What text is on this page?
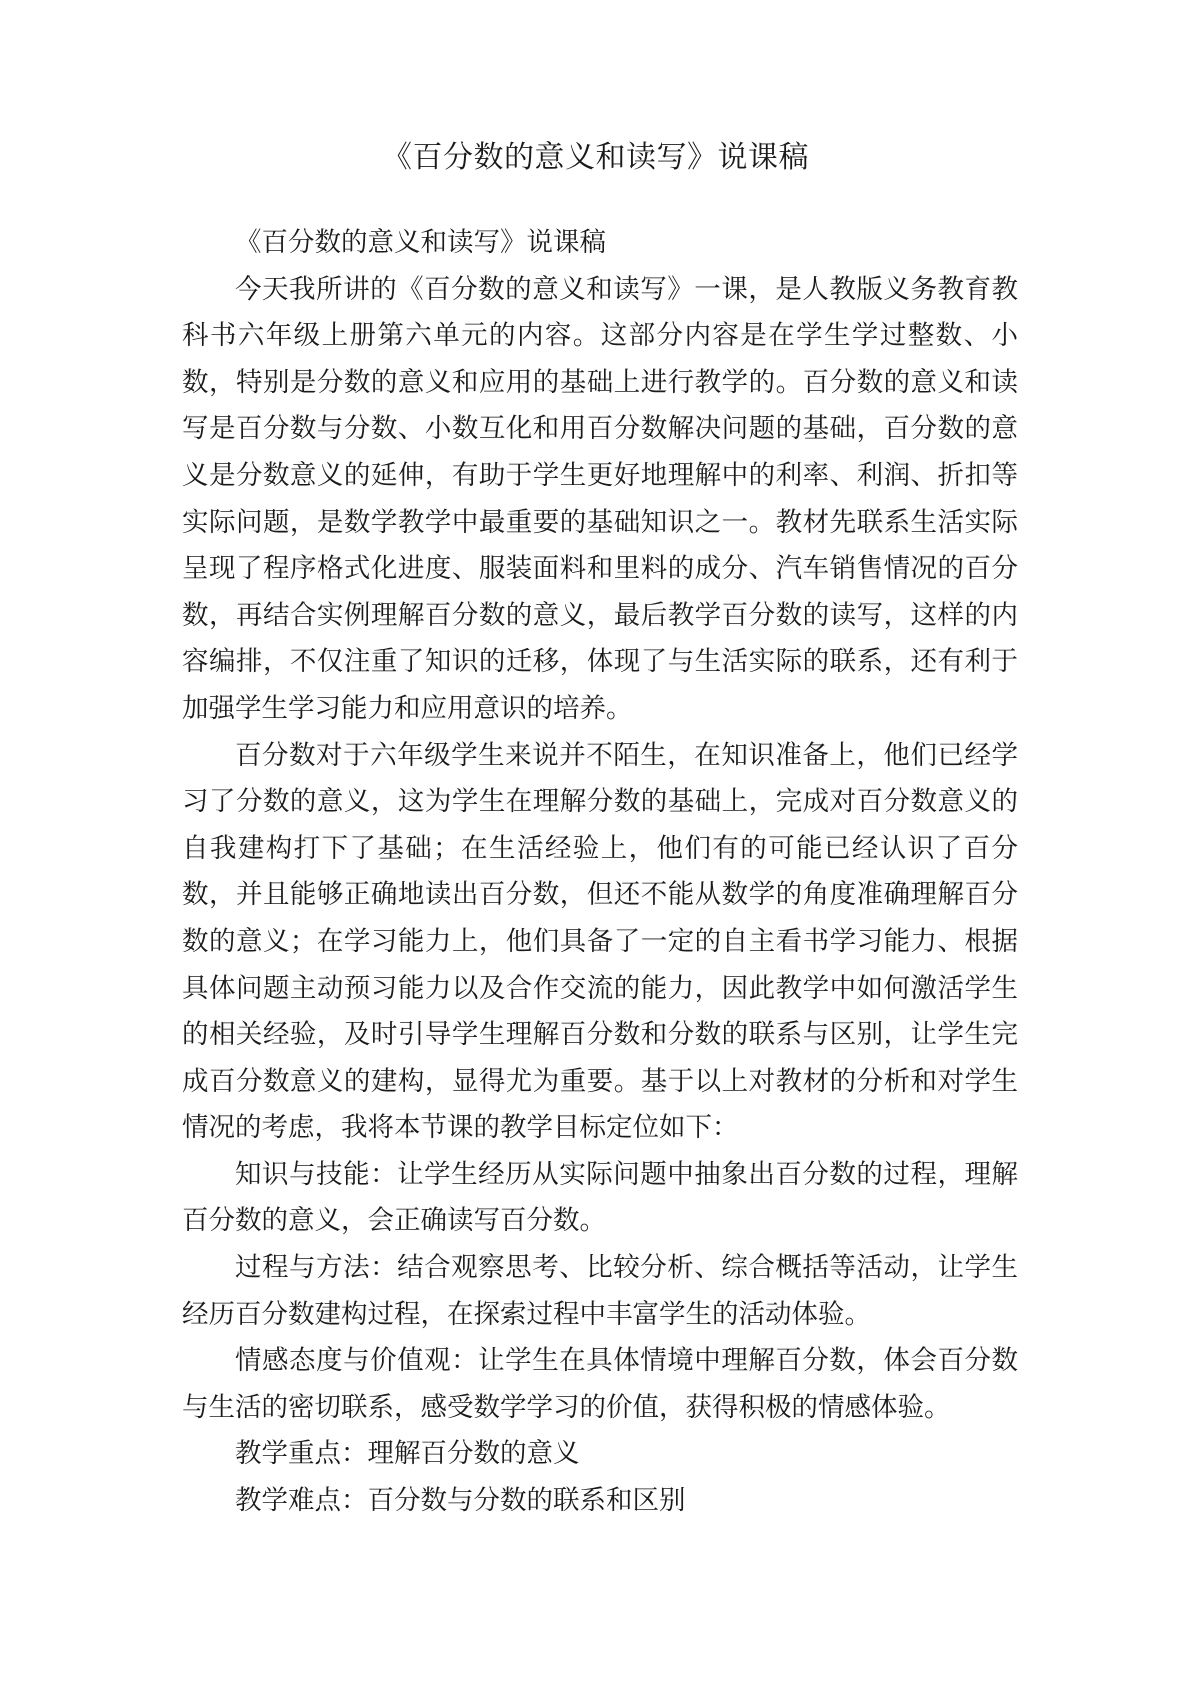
《百分数的意义和读写》说课稿

《百分数的意义和读写》说课稿

今天我所讲的《百分数的意义和读写》一课，是人教版义务教育教科书六年级上册第六单元的内容。这部分内容是在学生学过整数、小数，特别是分数的意义和应用的基础上进行教学的。百分数的意义和读写是百分数与分数、小数互化和用百分数解决问题的基础，百分数的意义是分数意义的延伸，有助于学生更好地理解中的利率、利润、折扣等实际问题，是数学教学中最重要的基础知识之一。教材先联系生活实际呈现了程序格式化进度、服装面料和里料的成分、汽车销售情况的百分数，再结合实例理解百分数的意义，最后教学百分数的读写，这样的内容编排，不仅注重了知识的迁移，体现了与生活实际的联系，还有利于加强学生学习能力和应用意识的培养。

百分数对于六年级学生来说并不陌生，在知识准备上，他们已经学习了分数的意义，这为学生在理解分数的基础上，完成对百分数意义的自我建构打下了基础；在生活经验上，他们有的可能已经认识了百分数，并且能够正确地读出百分数，但还不能从数学的角度准确理解百分数的意义；在学习能力上，他们具备了一定的自主看书学习能力、根据具体问题主动预习能力以及合作交流的能力，因此教学中如何激活学生的相关经验，及时引导学生理解百分数和分数的联系与区别，让学生完成百分数意义的建构，显得尤为重要。基于以上对教材的分析和对学生情况的考虑，我将本节课的教学目标定位如下：

知识与技能：让学生经历从实际问题中抽象出百分数的过程，理解百分数的意义，会正确读写百分数。

过程与方法：结合观察思考、比较分析、综合概括等活动，让学生经历百分数建构过程，在探索过程中丰富学生的活动体验。

情感态度与价值观：让学生在具体情境中理解百分数，体会百分数与生活的密切联系，感受数学学习的价值，获得积极的情感体验。

教学重点：理解百分数的意义

教学难点：百分数与分数的联系和区别
